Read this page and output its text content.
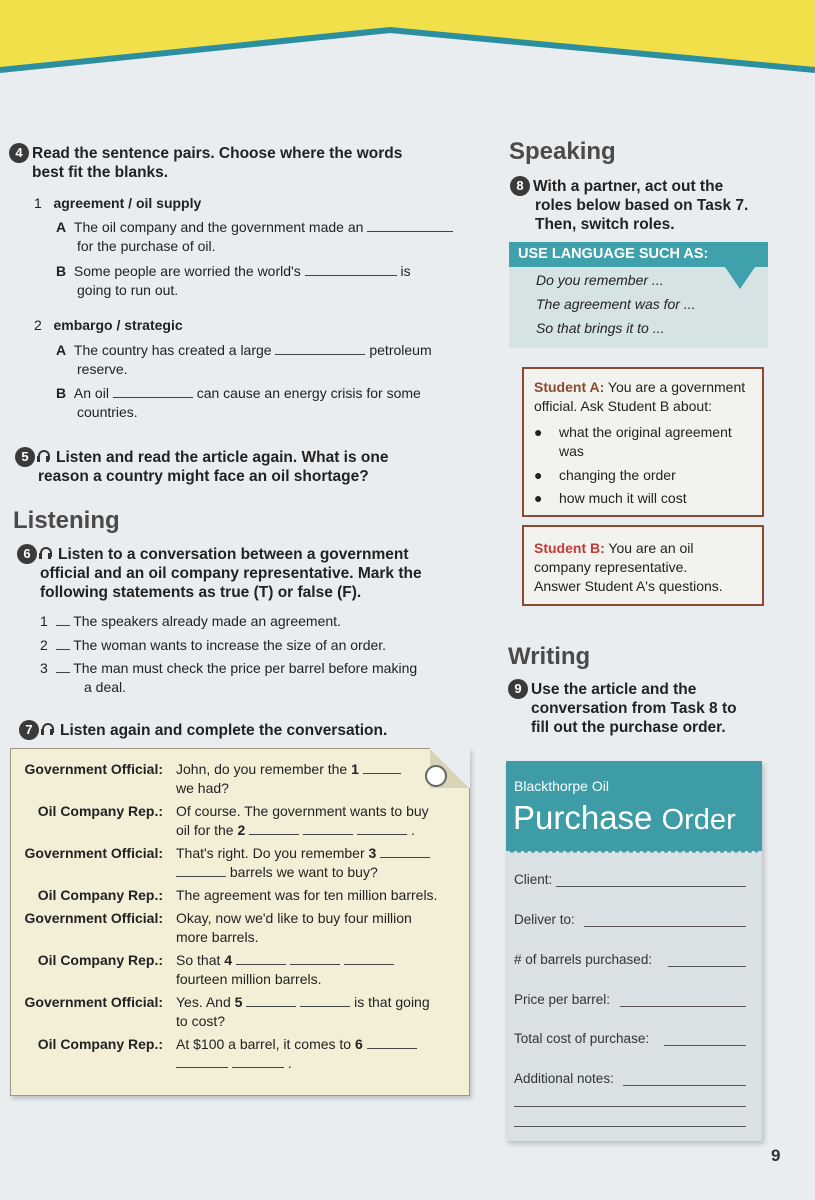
4 Read the sentence pairs. Choose where the words
best fit the blanks.
1 agreement / oil supply
A The oil company and the government made an
for the purchase of oil.
B Some people are worried the world's	is
going to run out.
2 embargo / strategic
A The country has created a large	petroleum
reserve.
B An oil	can cause an energy crisis for some
countries.
5 Listen and read the article again. What is one
reason a country might face an oil shortage?
Listening
6 Listen to a conversation between a government
official and an oil company representative. Mark the
following statements as true (T) or false (F).
1 The speakers already made an agreement.
2 The woman wants to increase the size of an order.
3 The man must check the price per barrel before making
a deal.
7 Listen again and complete the conversation.
Government Official: John, do you remember the 1
we had?
Oil Company Rep.: Of course. The government wants to buy
oil for the 2	.
Government Official: That's right. Do you remember 3
barrels we want to buy?
Oil Company Rep.: The agreement was for ten million barrels.
Government Official: Okay, now we'd like to buy four million
more barrels.
Oil Company Rep.: So that 4
fourteen million barrels.
Government Official: Yes. And 5	is that going
to cost?
Oil Company Rep.: At $100 a barrel, it comes to 6
.
Speaking
8 With a partner, act out the
roles below based on Task 7.
Then, switch roles.
USE LANGUAGE SUCH AS:
Do you remember ...
The agreement was for ...
So that brings it to ...
Student A: You are a government
official. Ask Student B about:
● what the original agreement
was
● changing the order
● how much it will cost
Student B: You are an oil
company representative.
Answer Student A's questions.
Writing
9 Use the article and the
conversation from Task 8 to
fill out the purchase order.
Blackthorpe Oil
Purchase Order
Client:
Deliver to:
# of barrels purchased:
Price per barrel:
Total cost of purchase:
Additional notes:
9
